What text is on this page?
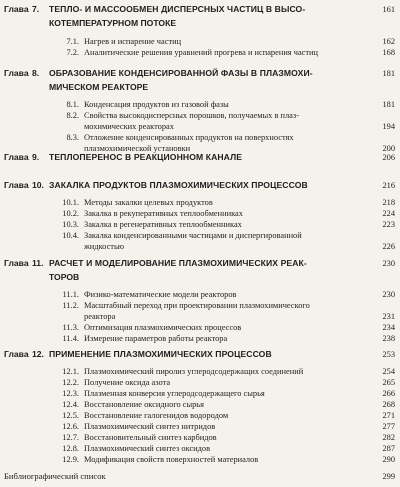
Глава 7. ТЕПЛО- И МАССООБМЕН ДИСПЕРСНЫХ ЧАСТИЦ В ВЫСО-	161
КОТЕМПЕРАТУРНОМ ПОТОКЕ
7.1. Нагрев и испарение частиц	162
7.2. Аналитические решения уравнений прогрева и испарения частиц	168
Глава 8. ОБРАЗОВАНИЕ КОНДЕНСИРОВАННОЙ ФАЗЫ В ПЛАЗМОХИ-	181
МИЧЕСКОМ РЕАКТОРЕ
8.1. Конденсация продуктов из газовой фазы	181
8.2. Свойства высокодисперсных порошков, получаемых в плаз-
мохимических реакторах	194
8.3. Отложение конденсированных продуктов на поверхностях
плазмохимической установки	200
Глава 9. ТЕПЛОПЕРЕНОС В РЕАКЦИОННОМ КАНАЛЕ	206
Глава 10. ЗАКАЛКА ПРОДУКТОВ ПЛАЗМОХИМИЧЕСКИХ ПРОЦЕССОВ	216
10.1. Методы закалки целевых продуктов	218
10.2. Закалка в рекуперативных теплообменниках	224
10.3. Закалка в регенеративных теплообменниках	223
10.4. Закалка конденсированными частицами и диспергированной
жидкостью	226
Глава 11. РАСЧЕТ И МОДЕЛИРОВАНИЕ ПЛАЗМОХИМИЧЕСКИХ РЕАК-	230
ТОРОВ
11.1. Физико-математические модели реакторов	230
11.2. Масштабный переход при проектировании плазмохимического
реактора	231
11.3. Оптимизация плазмохимических процессов	234
11.4. Измерение параметров работы реактора	238
Глава 12. ПРИМЕНЕНИЕ ПЛАЗМОХИМИЧЕСКИХ ПРОЦЕССОВ	253
12.1. Плазмохимический пиролиз углеродсодержащих соединений	254
12.2. Получение оксида азота	265
12.3. Плазменная конверсия углеродсодержащего сырья	266
12.4. Восстановление оксидного сырья	268
12.5. Восстановление галогенидов водородом	271
12.6. Плазмохимический синтез нитридов	277
12.7. Восстановительный синтез карбидов	282
12.8. Плазмохимический синтез оксидов	287
12.9. Модификация свойств поверхностей материалов	290
Библиографический список	299
